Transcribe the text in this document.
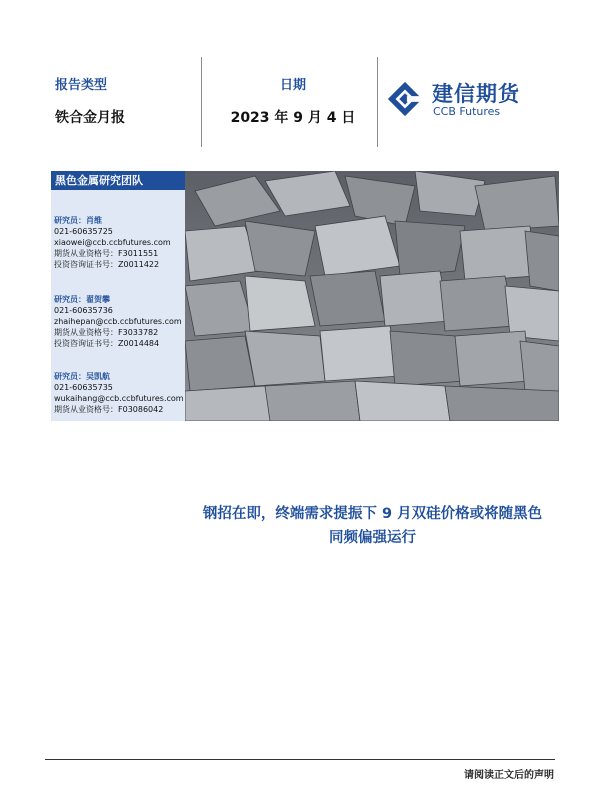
报告类型
铁合金月报
日期
2023 年 9 月 4 日
建信期货
CCB Futures
黑色金属研究团队
研究员：肖维
021-60635725
xiaowei@ccb.ccbfutures.com
期货从业资格号：F3011551
投资咨询证书号：Z0011422
研究员：翟贺攀
021-60635736
zhaihepan@ccb.ccbfutures.com
期货从业资格号：F3033782
投资咨询证书号：Z0014484
研究员：吴凯航
021-60635735
wukaihang@ccb.ccbfutures.com
期货从业资格号：F03086042
钢招在即，终端需求提振下 9 月双硅价格或将随黑色
同频偏强运行
请阅读正文后的声明
